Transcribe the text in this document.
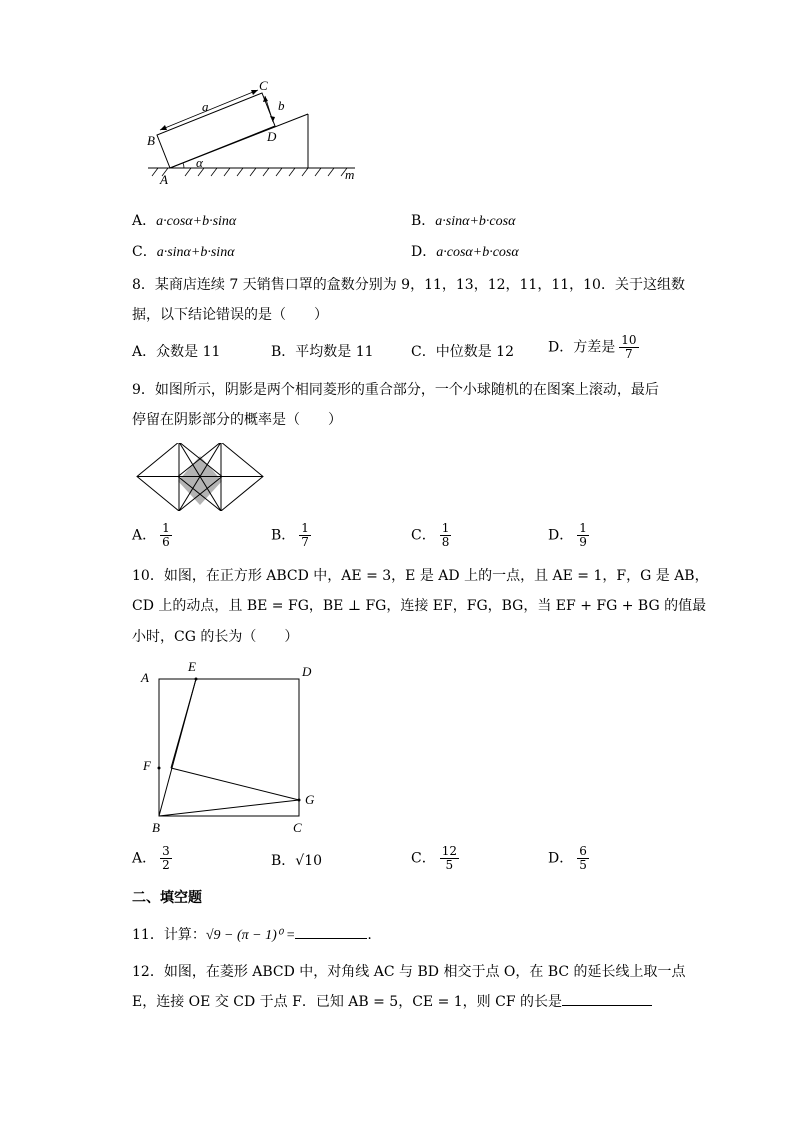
a	b
C
B	D
A
α
m
A．a·cosα+b·sinα	B．a·sinα+b·cosα
C．a·sinα+b·sinα	D．a·cosα+b·cosα
8．某商店连续 7 天销售口罩的盒数分别为 9，11，13，12，11，11，10．关于这组数
据，以下结论错误的是（　　）
A．众数是 11	B．平均数是 11	C．中位数是 12 D．方差是 $\frac{10}{7}$
9．如图所示，阴影是两个相同菱形的重合部分，一个小球随机的在图案上滚动，最后
停留在阴影部分的概率是（　　）
A． $\frac{1}{6}$	B． $\frac{1}{7}$	C． $\frac{1}{8}$	D． $\frac{1}{9}$
10．如图，在正方形 ABCD 中，AE = 3，E 是 AD 上的一点，且 AE = 1，F，G 是 AB，
CD 上的动点，且 BE = FG，BE ⊥ FG，连接 EF，FG，BG，当 EF + FG + BG 的值最
小时，CG 的长为（　　）
A
E	D
F
G
B	C
A． $\frac{3}{2}$	B．√10	C． $\frac{12}{5}$	D． $\frac{6}{5}$
二、填空题
11．计算：√9 − (π − 1)⁰ =	.
12．如图，在菱形 ABCD 中，对角线 AC 与 BD 相交于点 O，在 BC 的延长线上取一点
E，连接 OE 交 CD 于点 F．已知 AB = 5，CE = 1，则 CF 的长是
